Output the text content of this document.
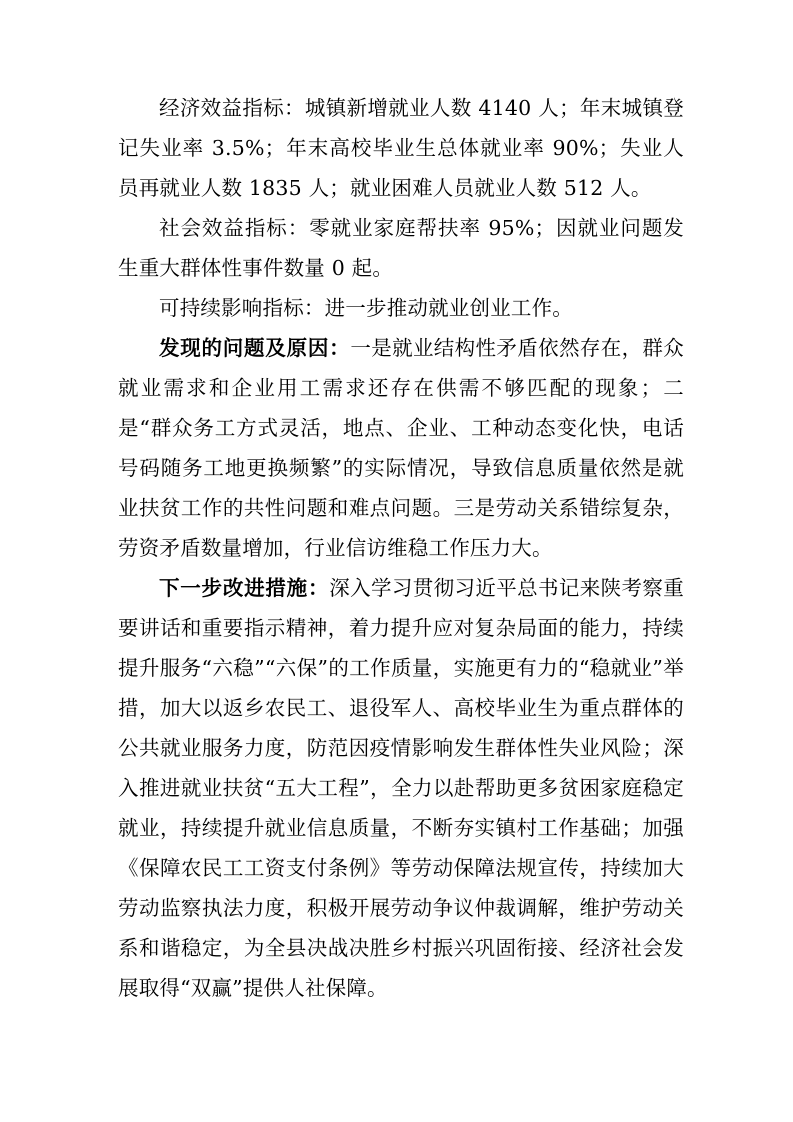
经济效益指标：城镇新增就业人数 4140 人；年末城镇登记失业率 3.5%；年末高校毕业生总体就业率 90%；失业人员再就业人数 1835 人；就业困难人员就业人数 512 人。

社会效益指标：零就业家庭帮扶率 95%；因就业问题发生重大群体性事件数量 0 起。

可持续影响指标：进一步推动就业创业工作。

发现的问题及原因：一是就业结构性矛盾依然存在，群众就业需求和企业用工需求还存在供需不够匹配的现象；二是“群众务工方式灵活，地点、企业、工种动态变化快，电话号码随务工地更换频繁”的实际情况，导致信息质量依然是就业扶贫工作的共性问题和难点问题。三是劳动关系错综复杂，劳资矛盾数量增加，行业信访维稳工作压力大。

下一步改进措施：深入学习贯彻习近平总书记来陕考察重要讲话和重要指示精神，着力提升应对复杂局面的能力，持续提升服务“六稳”“六保”的工作质量，实施更有力的“稳就业”举措，加大以返乡农民工、退役军人、高校毕业生为重点群体的公共就业服务力度，防范因疫情影响发生群体性失业风险；深入推进就业扶贫“五大工程”，全力以赴帮助更多贫困家庭稳定就业，持续提升就业信息质量，不断夯实镇村工作基础；加强《保障农民工工资支付条例》等劳动保障法规宣传，持续加大劳动监察执法力度，积极开展劳动争议仲裁调解，维护劳动关系和谐稳定，为全县决战决胜乡村振兴巩固衔接、经济社会发展取得“双赢”提供人社保障。
